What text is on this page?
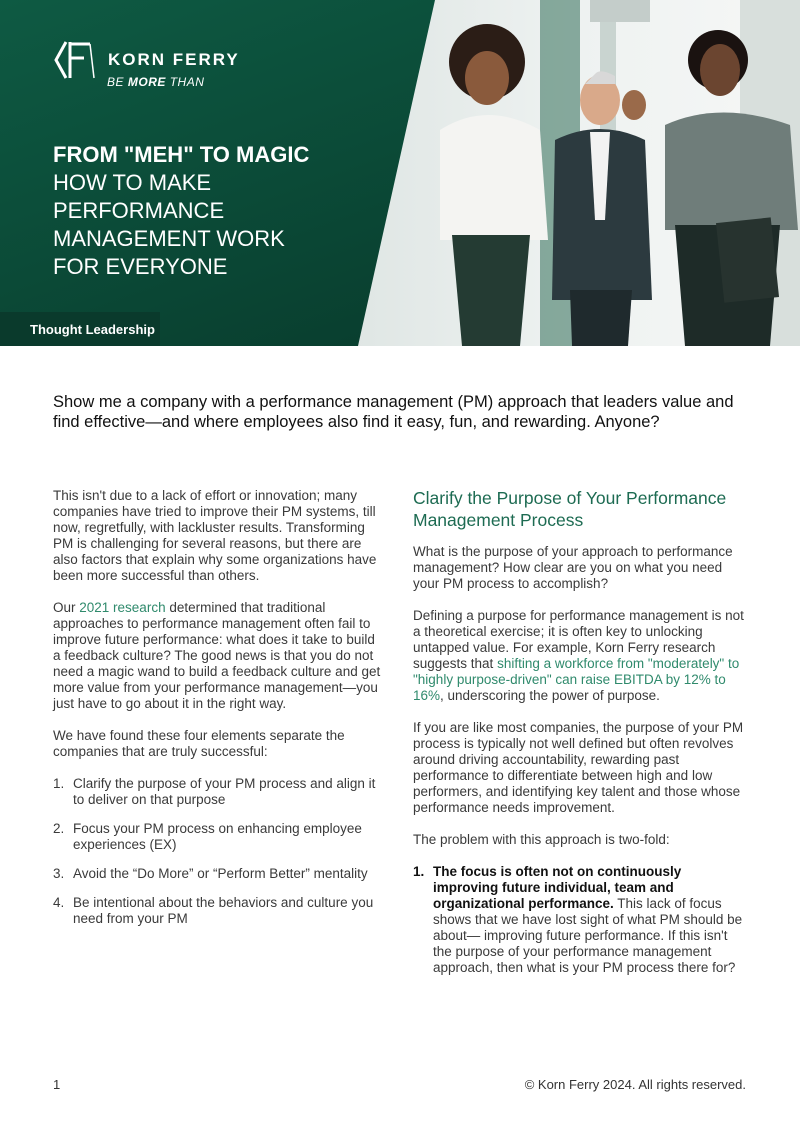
KORN FERRY
BE MORE THAN
FROM "MEH" TO MAGIC
HOW TO MAKE
PERFORMANCE
MANAGEMENT WORK
FOR EVERYONE
Thought Leadership
Show me a company with a performance management (PM) approach that leaders value and find effective—and where employees also find it easy, fun, and rewarding. Anyone?

This isn't due to a lack of effort or innovation; many companies have tried to improve their PM systems, till now, regretfully, with lackluster results. Transforming PM is challenging for several reasons, but there are also factors that explain why some organizations have been more successful than others.

Our 2021 research determined that traditional approaches to performance management often fail to improve future performance: what does it take to build a feedback culture? The good news is that you do not need a magic wand to build a feedback culture and get more value from your performance management—you just have to go about it in the right way.

We have found these four elements separate the companies that are truly successful:

1. Clarify the purpose of your PM process and align it to deliver on that purpose
2. Focus your PM process on enhancing employee experiences (EX)
3. Avoid the “Do More” or “Perform Better” mentality
4. Be intentional about the behaviors and culture you need from your PM
Clarify the Purpose of Your Performance Management Process

What is the purpose of your approach to performance management? How clear are you on what you need your PM process to accomplish?

Defining a purpose for performance management is not a theoretical exercise; it is often key to unlocking untapped value. For example, Korn Ferry research suggests that shifting a workforce from "moderately" to "highly purpose-driven" can raise EBITDA by 12% to 16%, underscoring the power of purpose.

If you are like most companies, the purpose of your PM process is typically not well defined but often revolves around driving accountability, rewarding past performance to differentiate between high and low performers, and identifying key talent and those whose performance needs improvement.

The problem with this approach is two-fold:

1. The focus is often not on continuously improving future individual, team and organizational performance. This lack of focus shows that we have lost sight of what PM should be about— improving future performance. If this isn't the purpose of your performance management approach, then what is your PM process there for?
1	© Korn Ferry 2024. All rights reserved.
